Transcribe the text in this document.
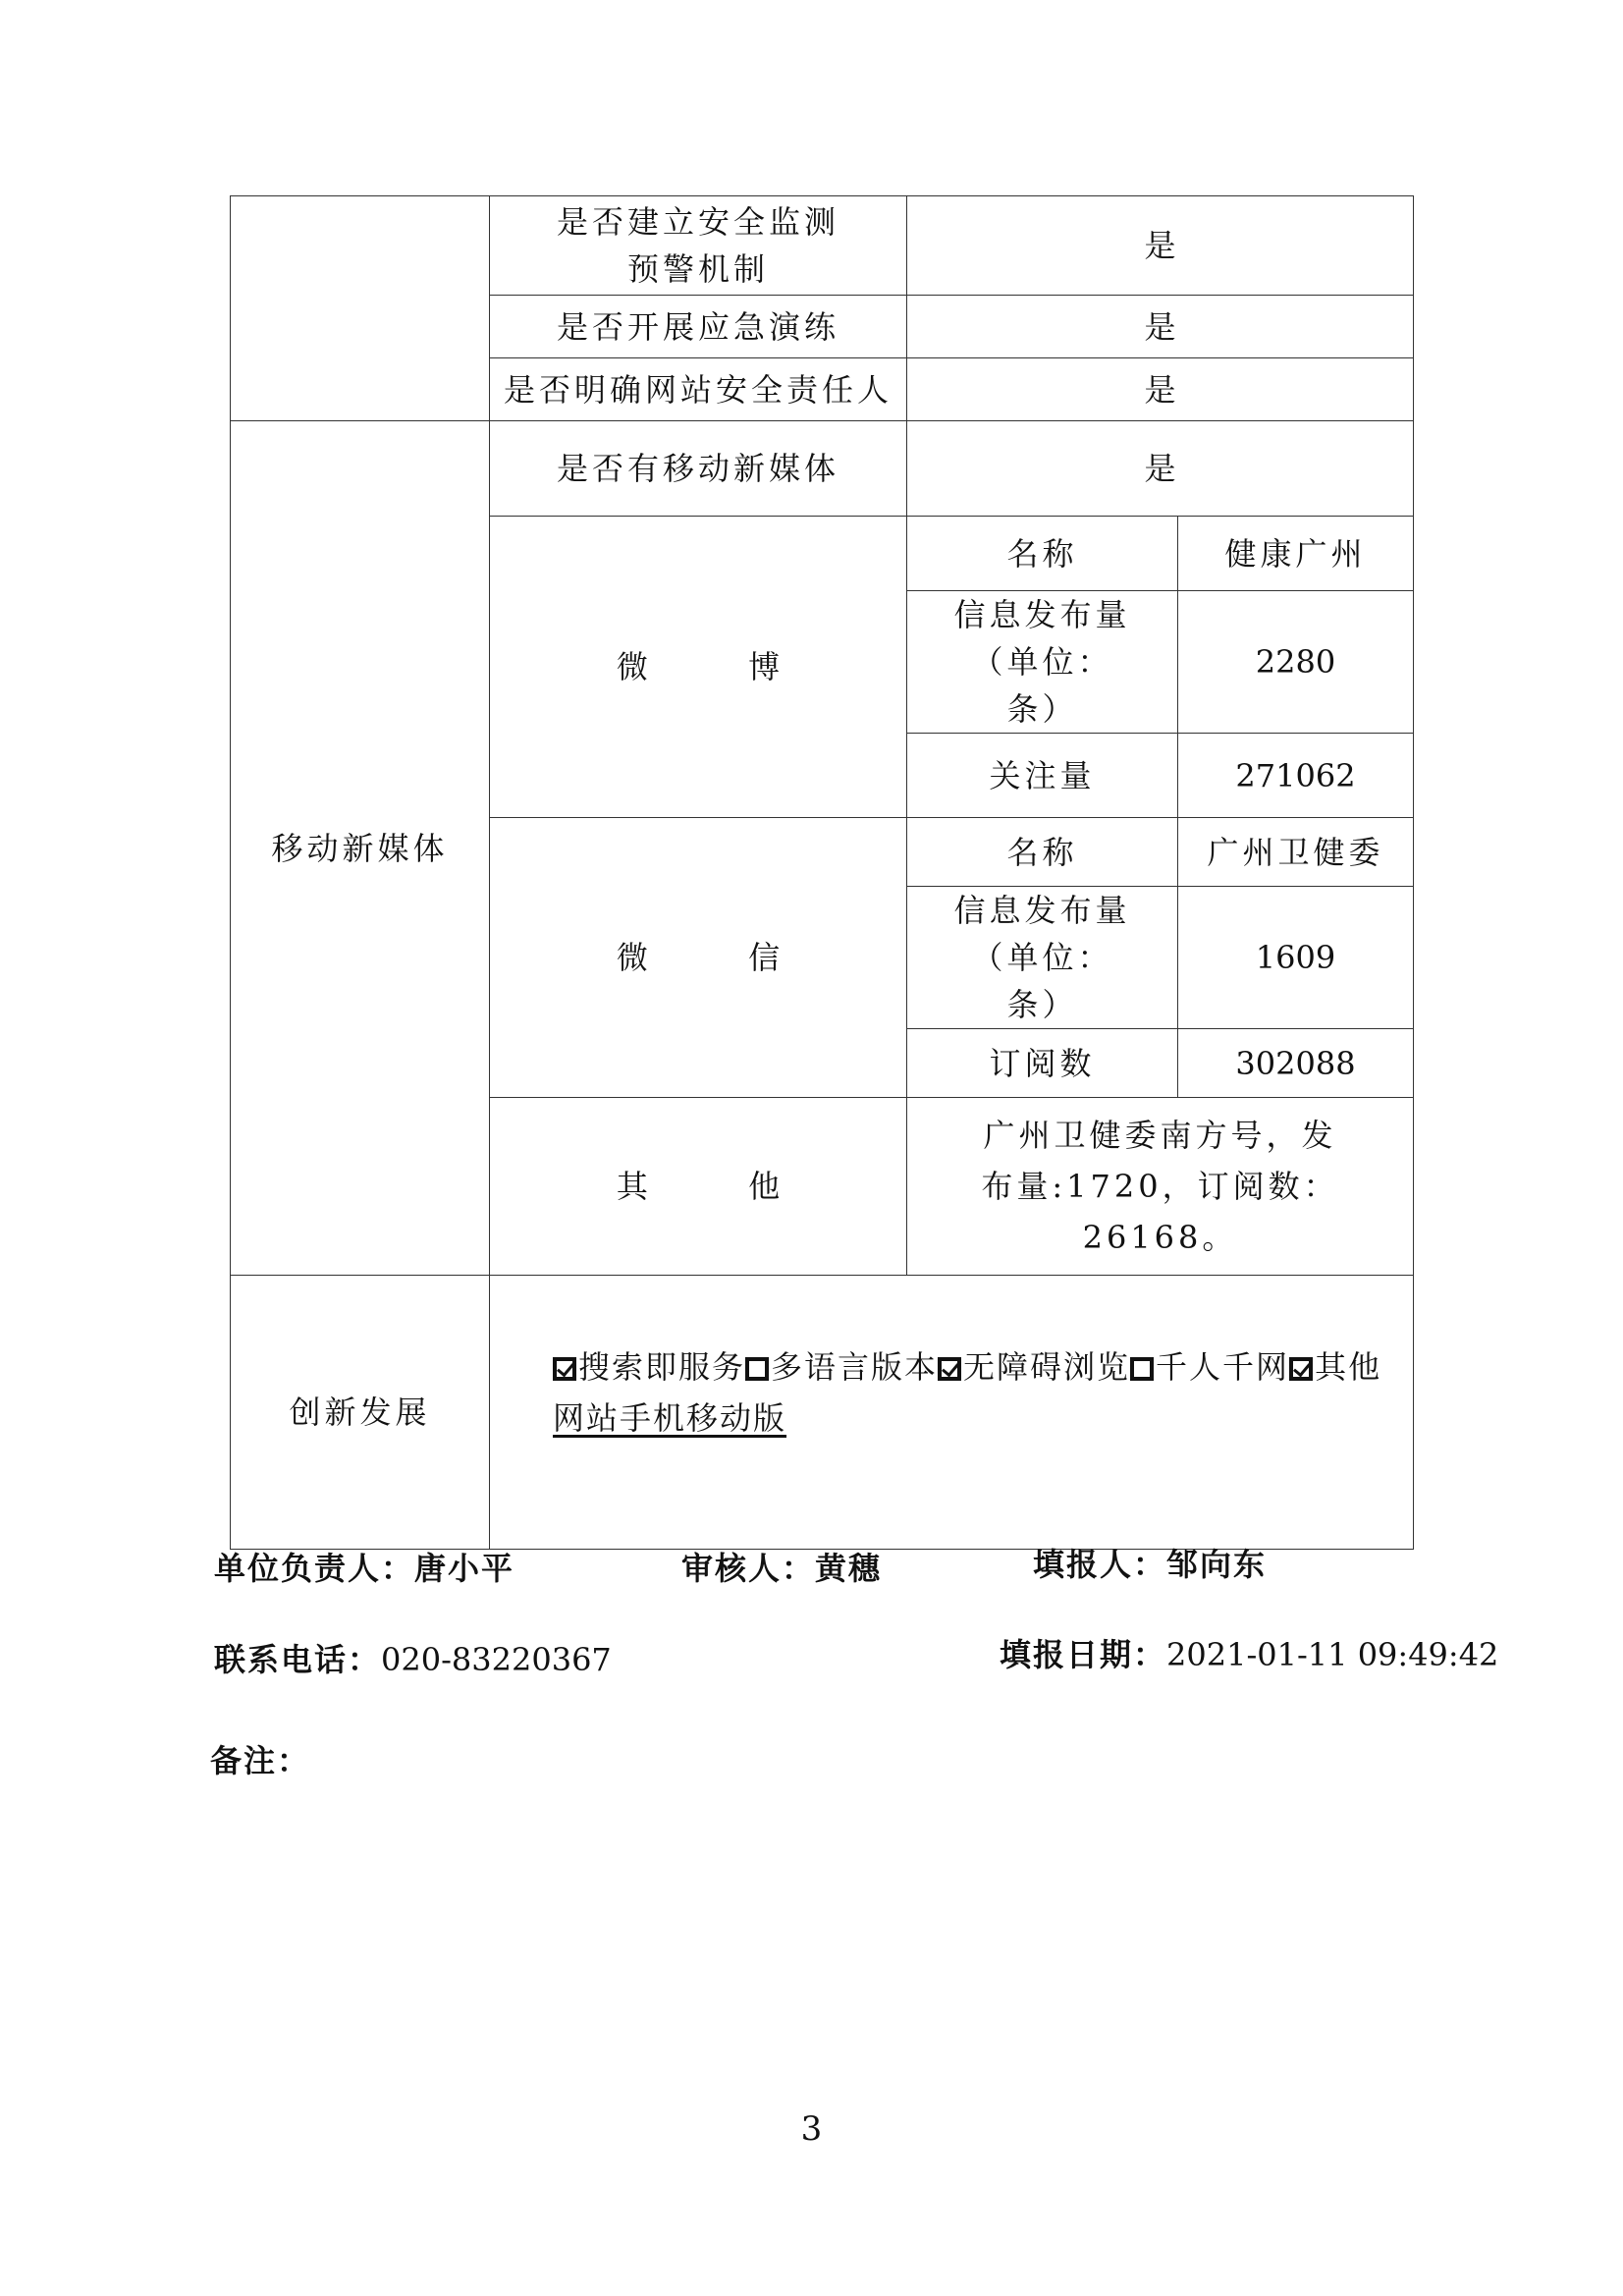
	是否建立安全监测预警机制	是	
	是否开展应急演练	是	
	是否明确网站安全责任人	是	
移动新媒体	是否有移动新媒体	是	
	微 博	名称	健康广州
		信息发布量（单位：条）	2280
		关注量	271062
	微 信	名称	广州卫健委
		信息发布量（单位：条）	1609
		订阅数	302088
	其 他	广州卫健委南方号，发布量:1720，订阅数：26168。	
创新发展	搜索即服务 多语言版本 无障碍浏览 千人千网 其他
网站手机移动版		
单位负责人：唐小平	审核人：黄穗	填报人：邹向东
联系电话：020-83220367	填报日期：2021-01-11 09:49:42
备注：
3
